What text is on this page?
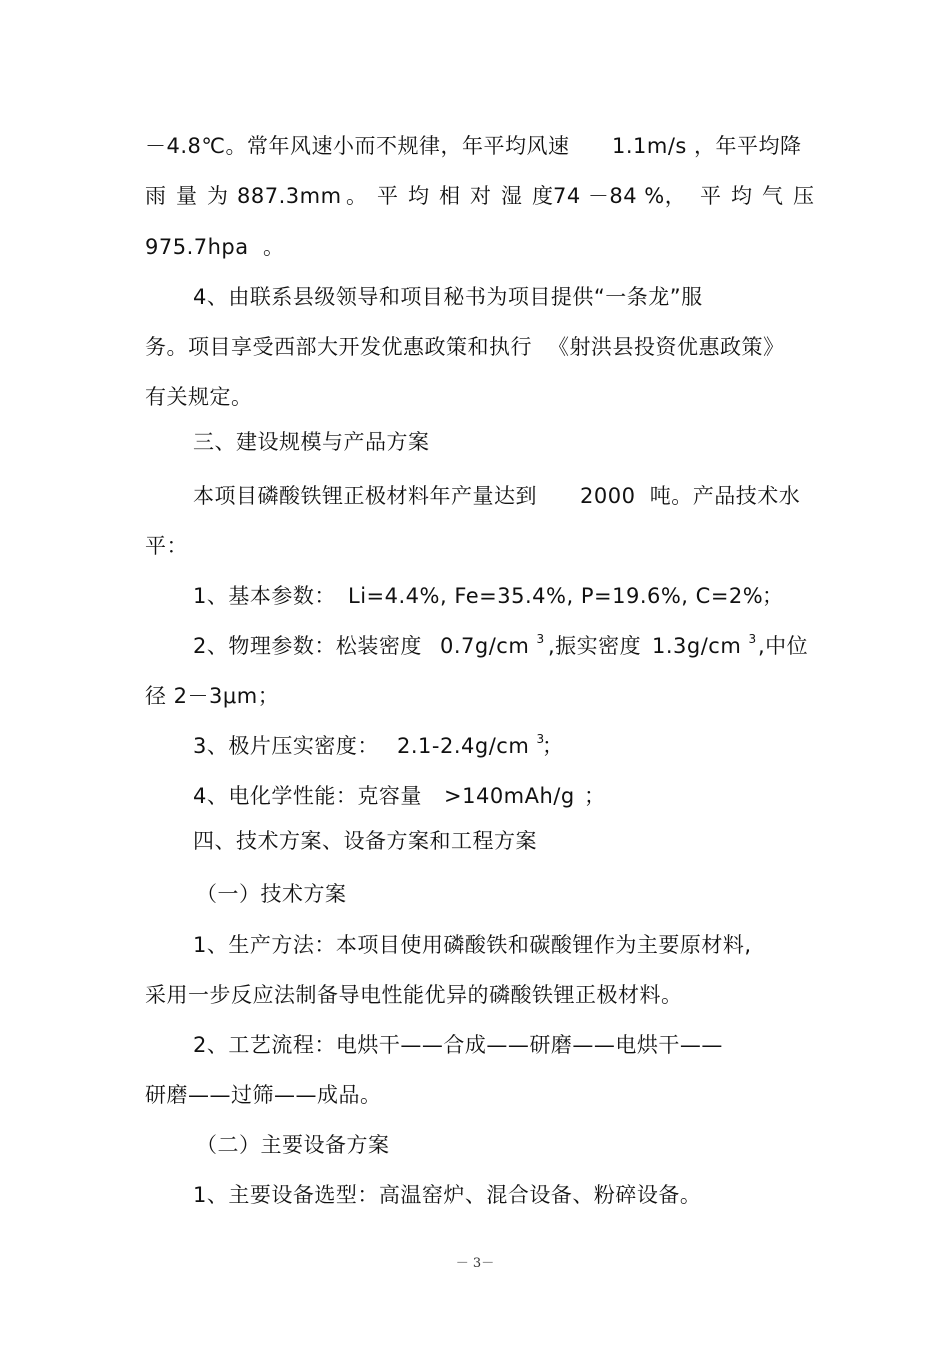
－4.8℃。常年风速小而不规律，年平均风速

1.1m/s ，年平均降

雨量为

887.3mm

。平均相对湿度

74 －84 %，

平均气压

975.7hpa  。

4、由联系县级领导和项目秘书为项目提供“一条龙”服

务。项目享受西部大开发优惠政策和执行

《射洪县投资优惠政策》

有关规定。

三、建设规模与产品方案

本项目磷酸铁锂正极材料年产量达到

2000  吨。产品技术水

平：

1、基本参数：

Li=4.4%, Fe=35.4%, P=19.6%, C=2%

；

2、物理参数：松装密度

0.7g/cm $^3$

,振实密度

1.3g/cm $^3$

,中位

径 2－3μm；

3、极片压实密度：

2.1-2.4g/cm $^3$

；

4、电化学性能：克容量

>140mAh/g

；

四、技术方案、设备方案和工程方案

（一）技术方案

1、生产方法：本项目使用磷酸铁和碳酸锂作为主要原材料,

采用一步反应法制备导电性能优异的磷酸铁锂正极材料。

2、工艺流程：电烘干——合成——研磨——电烘干——

研磨——过筛——成品。

（二）主要设备方案

1、主要设备选型：高温窑炉、混合设备、粉碎设备。

－ 3－
